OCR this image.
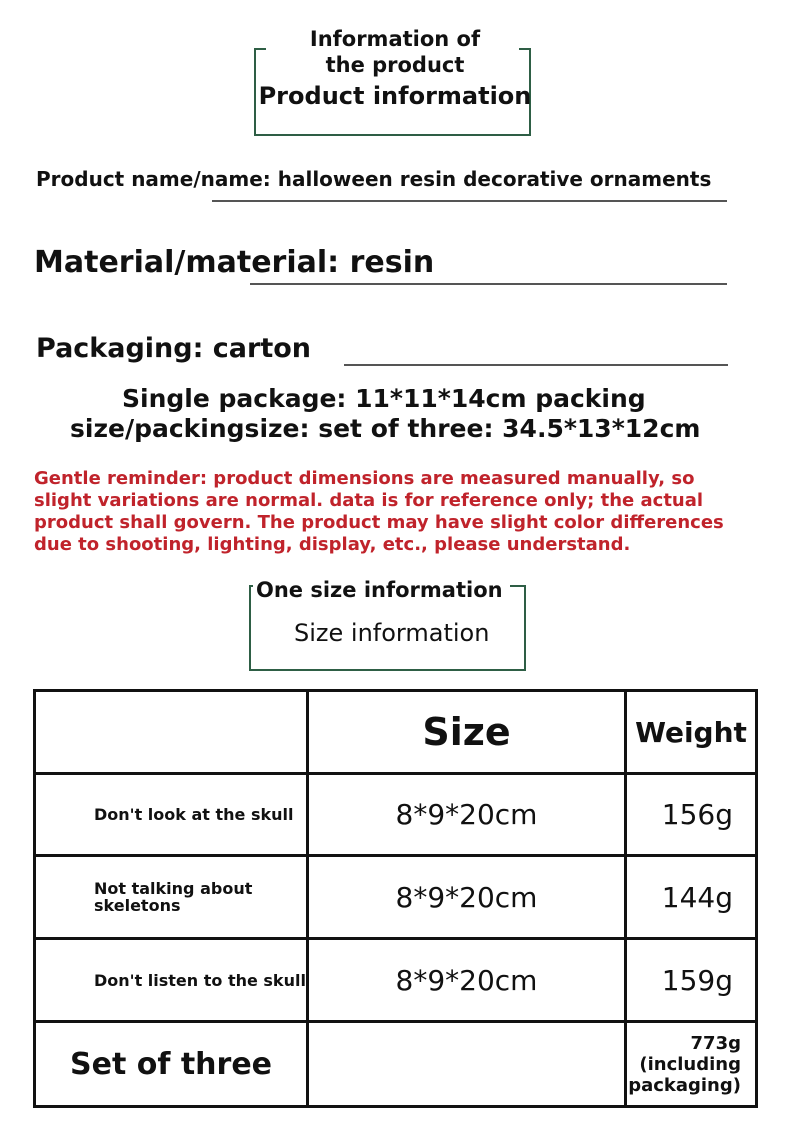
Information of
the product
Product information
Product name/name: halloween resin decorative ornaments
Material/material: resin
Packaging: carton
Single package: 11*11*14cm packing
size/packingsize: set of three: 34.5*13*12cm
Gentle reminder: product dimensions are measured manually, so slight variations are normal. data is for reference only; the actual product shall govern. The product may have slight color differences due to shooting, lighting, display, etc., please understand.
One size information
Size information
	Size	Weight
Don't look at the skull	8*9*20cm	156g
Not talking about skeletons	8*9*20cm	144g
Don't listen to the skull	8*9*20cm	159g
Set of three		773g (including packaging)
